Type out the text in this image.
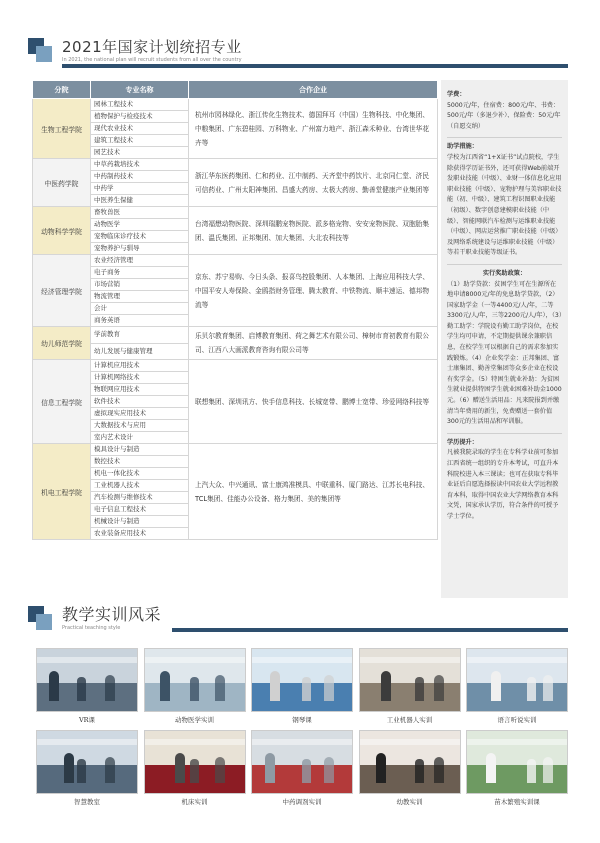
2021年国家计划统招专业
In 2021, the national plan will recruit students from all over the country
分院	专业名称	合作企业
生物工程学院	园林工程技术	杭州市园林绿化、浙江传化生物技术、德国拜耳（中国）生物科技、中化集团、中粮集团、广东碧桂园、万科物业、广州富力地产、浙江森禾种业、台湾世华花卉等
	植物保护与检疫技术	
	现代农业技术	
	建筑工程技术	
	园艺技术	
中医药学院	中草药栽培技术	浙江华东医药集团、仁和药业、江中制药、天齐堂中药饮片、北京同仁堂、济民可信药业、广州太阳神集团、昌盛大药房、太极大药房、勤善堂健康产业集团等
	中药制药技术	
	中药学	
	中医养生保健	
动物科学学院	畜牧兽医	台湾福懋动物医院、深圳瑞鹏宠物医院、派多格宠物、安安宠物医院、双胞胎集团、温氏集团、正邦集团、加大集团、大北农科技等
	动物医学	
	宠物临床诊疗技术	
	宠物养护与驯导	
经济管理学院	农业经济管理	京东、苏宁易购、今日头条、报喜鸟控股集团、人本集团、上海应用科技大学、中国平安人寿保险、金鸥指财务管理、腾太教育、中铁物流、顺丰速运、德邦物流等
	电子商务	
	市场营销	
	物流管理	
	会计	
	商务英语	
幼儿师范学院	学前教育	乐贝尔教育集团、启博教育集团、荷之舞艺术有限公司、樟树市育初教育有限公司、江西八大画派教育咨询有限公司等
	幼儿发展与健康管理	
信息工程学院	计算机应用技术	联想集团、深圳讯方、快手信息科技、长城宽带、鹏博士宽带、珍爱网络科技等
	计算机网络技术	
	物联网应用技术	
	软件技术	
	虚拟现实应用技术	
	大数据技术与应用	
	室内艺术设计	
机电工程学院	模具设计与制造	上汽大众、中兴通讯、富士康鸿准模具、中联重科、厦门路达、江苏长电科技、TCL集团、佳能办公设备、格力集团、美的集团等
	数控技术	
	机电一体化技术	
	工业机器人技术	
	汽车检测与维修技术	
	电子信息工程技术	
	机械设计与制造	
	农业装备应用技术	
学费：
5000元/年，住宿费：800元/年、书费：500元/年（多退少补）、保险费：50元/年（自愿交纳）
助学措施：
学校为江西省“1+X证书”试点院校，学生除获得学历证书外，还可获得Web前端开发职业技能（中级）、业财一体信息化应用职业技能（中级）、宠物护理与美容职业技能（初、中级）、建筑工程识图职业技能（初级）、数字创意建模职业技能（中级）、智能网联汽车检测与运维职业技能（中级）、网店运营推广职业技能（中级）及网络系统建设与运维职业技能（中级）等若干职业技能等级证书。
实行奖助政策：
（1）助学贷款：贫困学生可在生源所在地申请8000元/年的免息助学贷款，（2）国家助学金（一等4400元/人/年，二等3300元/人/年，三等2200元/人/年），（3）勤工助学：学院设有勤工助学岗位，在校学生均可申请，不定期提供课余兼职信息，在校学生可以根据自己的需求参加实践锻炼。（4）企业奖学金：正邦集团、富士康集团、勤善堂集团等众多企业在校设有奖学金。（5）特困生就业补助：为贫困生就业提供特困学生就业困难补助金1000元。（6）赠送生活用品：凡来院报到并缴清当年费用的新生，免费赠送一套价值300元的生活用品和军训服。
学历提升：
凡被我院录取的学生在专科学业前可参加江西省统一组织的专升本考试，可直升本科院校进入本三课读；也可在获取专科毕业证后自愿选择报读中国农业大学远程教育本科，取得中国农业大学网络教育本科文凭，国家承认学历，符合条件的可授予学士学位。
教学实训风采
Practical teaching style
VR课	动物医学实训	钢琴课	工业机器人实训	语言听说实训
智慧教室	机床实训	中药调剂实训	幼教实训	苗木繁殖实训课
